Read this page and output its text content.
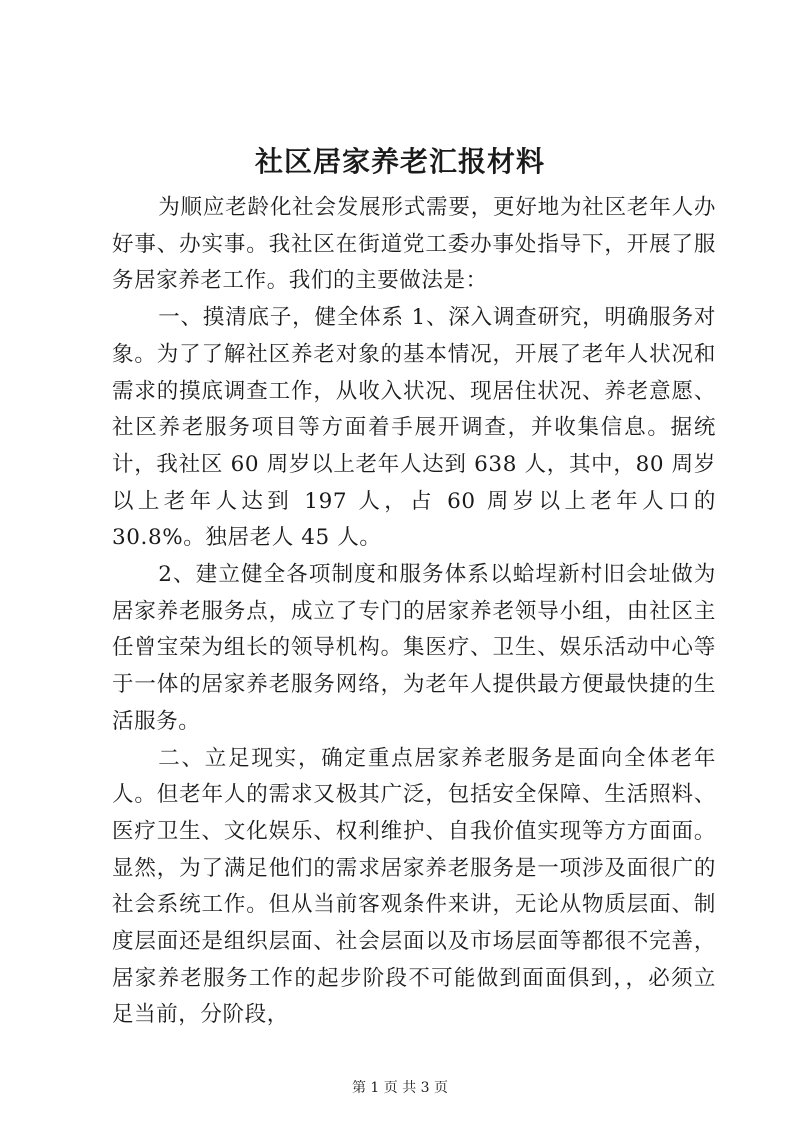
社区居家养老汇报材料

为顺应老龄化社会发展形式需要，更好地为社区老年人办好事、办实事。我社区在街道党工委办事处指导下，开展了服务居家养老工作。我们的主要做法是：

一、摸清底子，健全体系 1、深入调查研究，明确服务对象。为了了解社区养老对象的基本情况，开展了老年人状况和需求的摸底调查工作，从收入状况、现居住状况、养老意愿、社区养老服务项目等方面着手展开调查，并收集信息。据统计，我社区 60 周岁以上老年人达到 638 人，其中，80 周岁以上老年人达到 197 人，占 60 周岁以上老年人口的 30.8%。独居老人 45 人。

2、建立健全各项制度和服务体系以蛤埕新村旧会址做为居家养老服务点，成立了专门的居家养老领导小组，由社区主任曾宝荣为组长的领导机构。集医疗、卫生、娱乐活动中心等于一体的居家养老服务网络，为老年人提供最方便最快捷的生活服务。

二、立足现实，确定重点居家养老服务是面向全体老年人。但老年人的需求又极其广泛，包括安全保障、生活照料、医疗卫生、文化娱乐、权利维护、自我价值实现等方方面面。显然，为了满足他们的需求居家养老服务是一项涉及面很广的社会系统工作。但从当前客观条件来讲，无论从物质层面、制度层面还是组织层面、社会层面以及市场层面等都很不完善，居家养老服务工作的起步阶段不可能做到面面俱到，，必须立足当前，分阶段，

第 1 页 共 3 页
